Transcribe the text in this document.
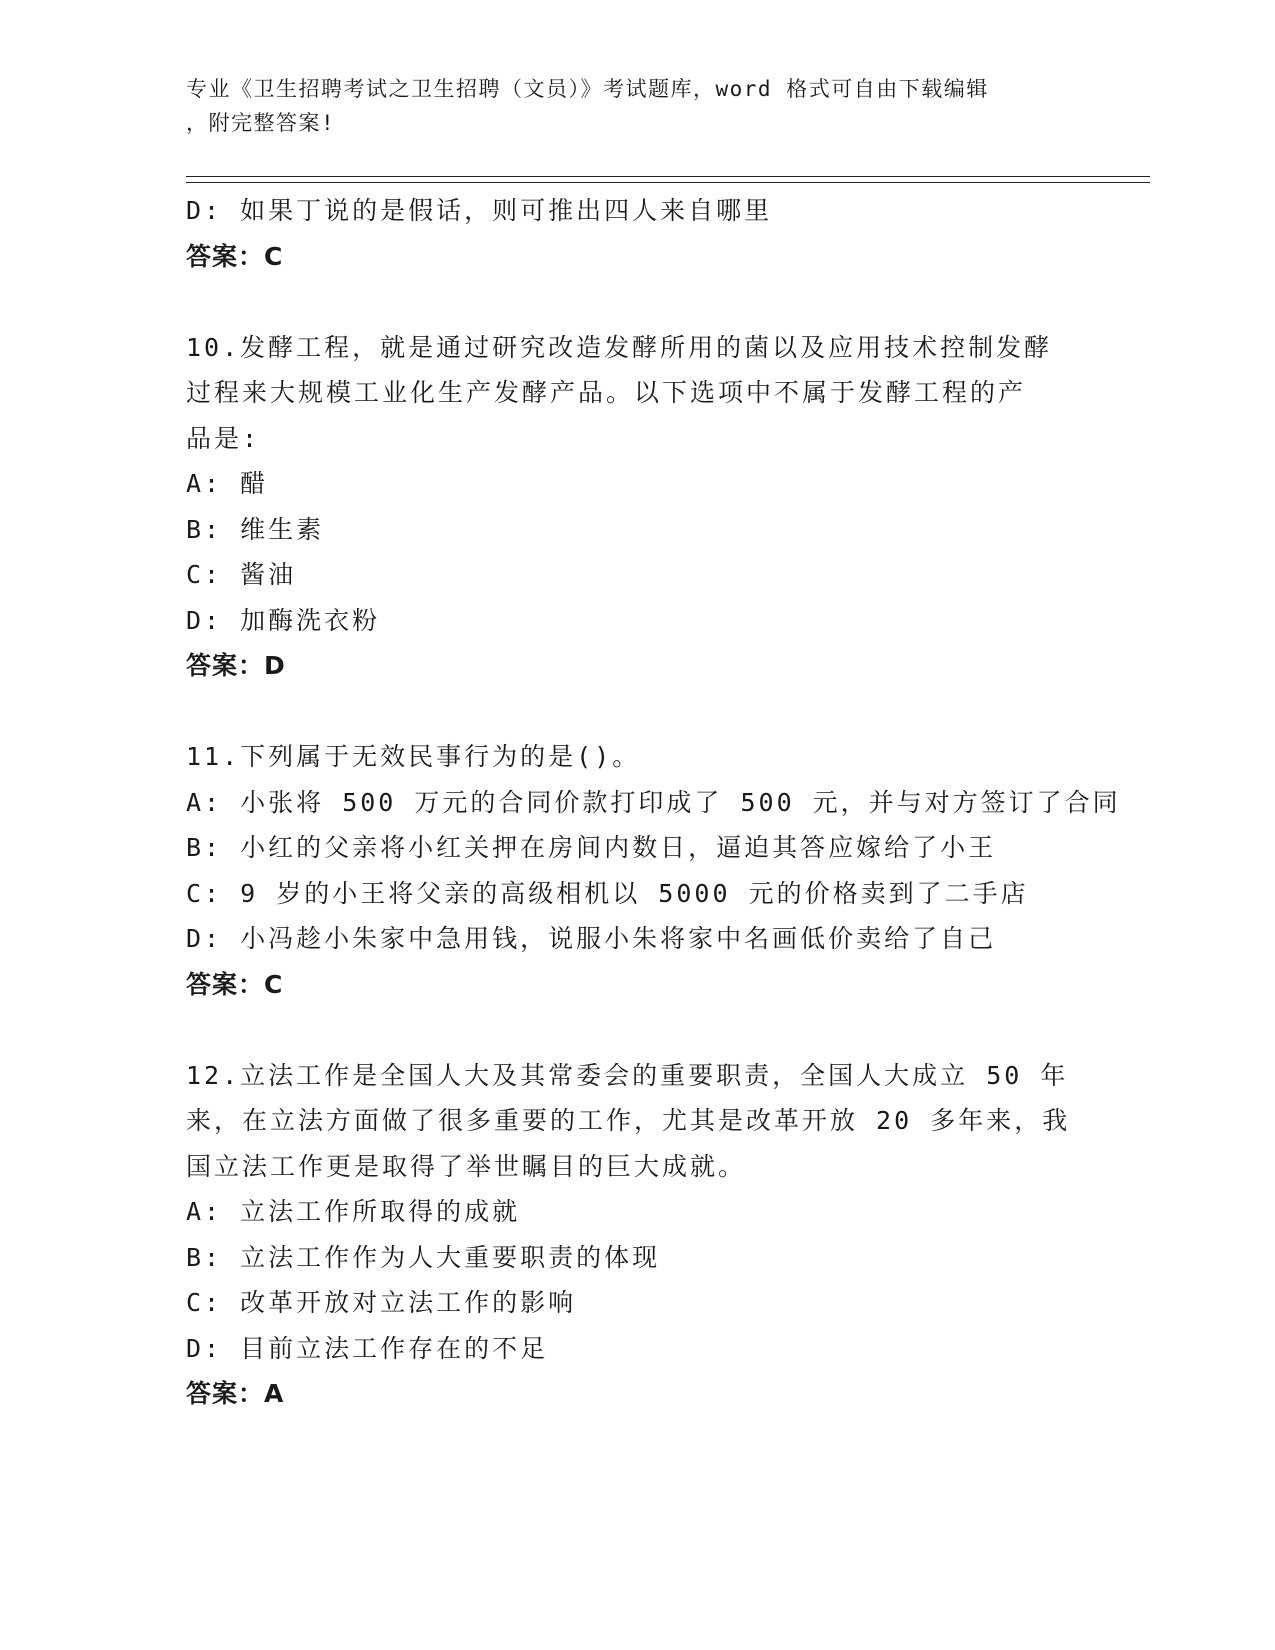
专业《卫生招聘考试之卫生招聘（文员）》考试题库，word 格式可自由下载编辑
，附完整答案!
D: 如果丁说的是假话，则可推出四人来自哪里
答案：C
10.发酵工程，就是通过研究改造发酵所用的菌以及应用技术控制发酵
过程来大规模工业化生产发酵产品。以下选项中不属于发酵工程的产
品是:
A: 醋
B: 维生素
C: 酱油
D: 加酶洗衣粉
答案：D
11.下列属于无效民事行为的是()。
A: 小张将 500 万元的合同价款打印成了 500 元，并与对方签订了合同
B: 小红的父亲将小红关押在房间内数日，逼迫其答应嫁给了小王
C: 9 岁的小王将父亲的高级相机以 5000 元的价格卖到了二手店
D: 小冯趁小朱家中急用钱，说服小朱将家中名画低价卖给了自己
答案：C
12.立法工作是全国人大及其常委会的重要职责，全国人大成立 50 年
来，在立法方面做了很多重要的工作，尤其是改革开放 20 多年来，我
国立法工作更是取得了举世瞩目的巨大成就。
A: 立法工作所取得的成就
B: 立法工作作为人大重要职责的体现
C: 改革开放对立法工作的影响
D: 目前立法工作存在的不足
答案：A
